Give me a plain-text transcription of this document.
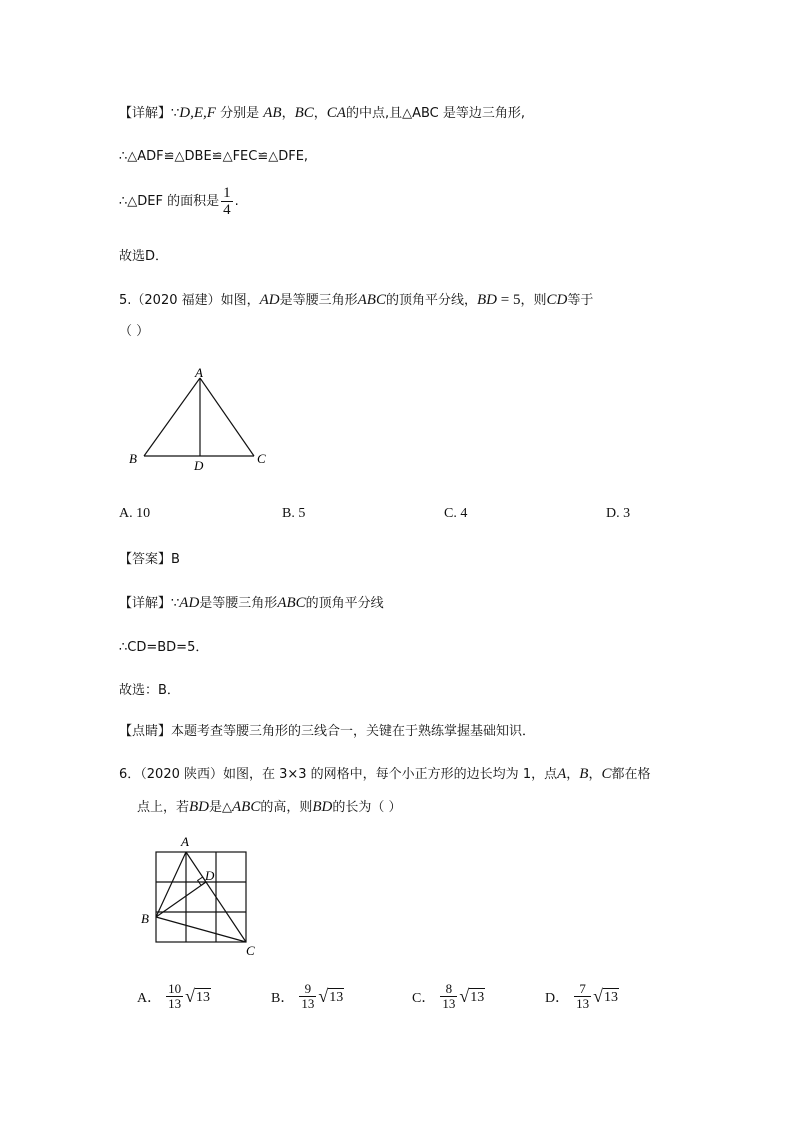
【详解】∵D,E,F 分别是 AB，BC，CA的中点,且△ABC 是等边三角形,
∴△ADF≌△DBE≌△FEC≌△DFE,
∴△DEF 的面积是 $\frac{1}{4}$ .
故选D．
5.（2020 福建）如图，AD是等腰三角形ABC的顶角平分线，BD = 5，则CD等于
（ ）
A
B	D	C
A. 10	B. 5	C. 4	D. 3
【答案】B
【详解】∵AD是等腰三角形ABC的顶角平分线
∴CD=BD=5．
故选：B．
【点睛】本题考查等腰三角形的三线合一，关键在于熟练掌握基础知识．
6．（2020 陕西）如图，在 3×3 的网格中，每个小正方形的边长均为 1，点A，B，C都在格
点上，若BD是△ABC的高，则BD的长为（ ）
A
D
B
C
A． $\frac{10}{13}$ √ 13	B． $\frac{9}{13}$ √ 13	C． $\frac{8}{13}$ √ 13	D． $\frac{7}{13}$ √ 13
